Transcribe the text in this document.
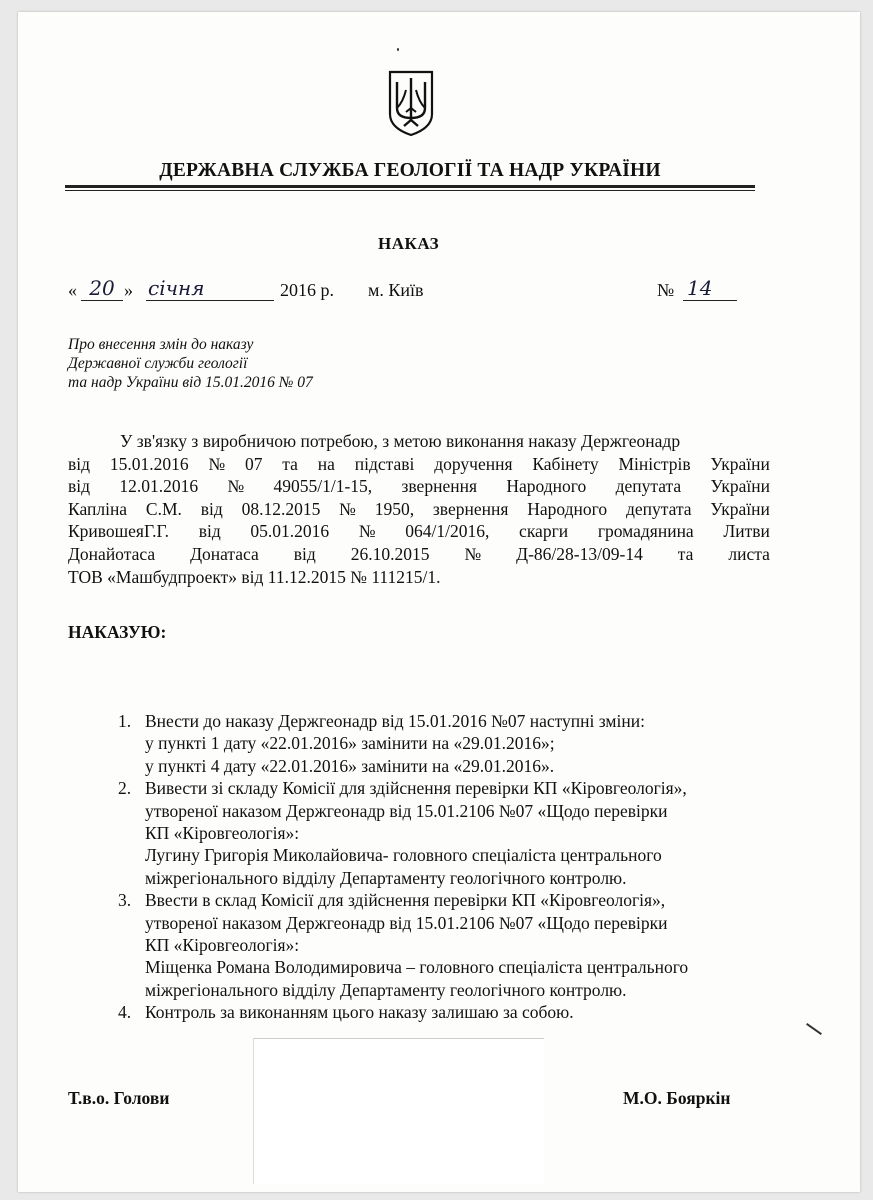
ДЕРЖАВНА СЛУЖБА ГЕОЛОГІЇ ТА НАДР УКРАЇНИ
НАКАЗ
« 20 » січня	2016 р. м. Київ	№ 14
Про внесення змін до наказу
Державної служби геології
та надр України від 15.01.2016 № 07
У зв'язку з виробничою потребою, з метою виконання наказу Держгеонадр
від 15.01.2016 № 07 та на підставі доручення Кабінету Міністрів України
від 12.01.2016 № 49055/1/1-15, звернення Народного депутата України
Капліна С.М. від 08.12.2015 № 1950, звернення Народного депутата України
КривошеяГ.Г. від 05.01.2016 № 064/1/2016, скарги громадянина Литви
Донайотаса Донатаса від 26.10.2015 № Д-86/28-13/09-14 та листа
ТОВ «Машбудпроект» від 11.12.2015 № 111215/1.
НАКАЗУЮ:
1. Внести до наказу Держгеонадр від 15.01.2016 №07 наступні зміни:
у пункті 1 дату «22.01.2016» замінити на «29.01.2016»;
у пункті 4 дату «22.01.2016» замінити на «29.01.2016».
2. Вивести зі складу Комісії для здійснення перевірки КП «Кіровгеологія»,
утвореної наказом Держгеонадр від 15.01.2106 №07 «Щодо перевірки
КП «Кіровгеологія»:
Лугину Григорія Миколайовича- головного спеціаліста центрального
міжрегіонального відділу Департаменту геологічного контролю.
3. Ввести в склад Комісії для здійснення перевірки КП «Кіровгеологія»,
утвореної наказом Держгеонадр від 15.01.2106 №07 «Щодо перевірки
КП «Кіровгеологія»:
Міщенка Романа Володимировича – головного спеціаліста центрального
міжрегіонального відділу Департаменту геологічного контролю.
4. Контроль за виконанням цього наказу залишаю за собою.
Т.в.о. Голови	М.О. Бояркін
